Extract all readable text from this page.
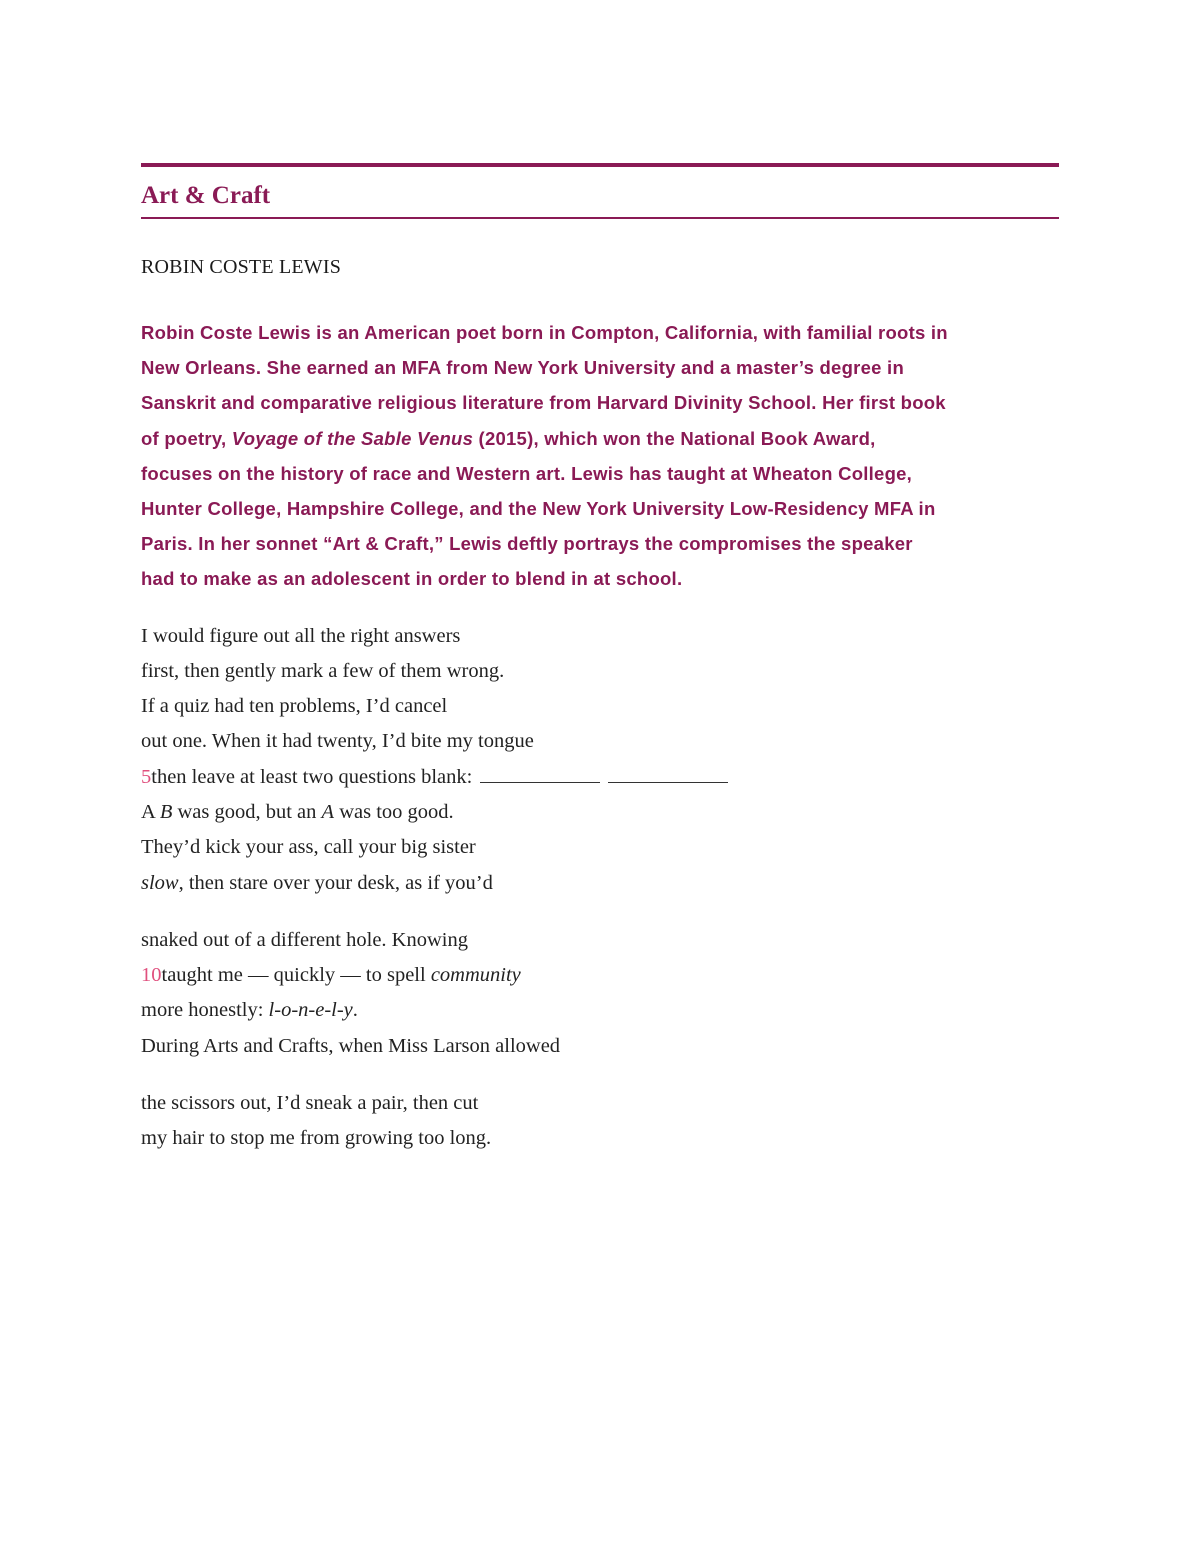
Art & Craft
ROBIN COSTE LEWIS
Robin Coste Lewis is an American poet born in Compton, California, with familial roots in
New Orleans. She earned an MFA from New York University and a master’s degree in
Sanskrit and comparative religious literature from Harvard Divinity School. Her first book
of poetry, Voyage of the Sable Venus (2015), which won the National Book Award,
focuses on the history of race and Western art. Lewis has taught at Wheaton College,
Hunter College, Hampshire College, and the New York University Low-Residency MFA in
Paris. In her sonnet “Art & Craft,” Lewis deftly portrays the compromises the speaker
had to make as an adolescent in order to blend in at school.
I would figure out all the right answers
first, then gently mark a few of them wrong.
If a quiz had ten problems, I’d cancel
out one. When it had twenty, I’d bite my tongue
5then leave at least two questions blank:
A B was good, but an A was too good.
They’d kick your ass, call your big sister
slow, then stare over your desk, as if you’d
snaked out of a different hole. Knowing
10taught me — quickly — to spell community
more honestly: l-o-n-e-l-y.
During Arts and Crafts, when Miss Larson allowed
the scissors out, I’d sneak a pair, then cut
my hair to stop me from growing too long.
